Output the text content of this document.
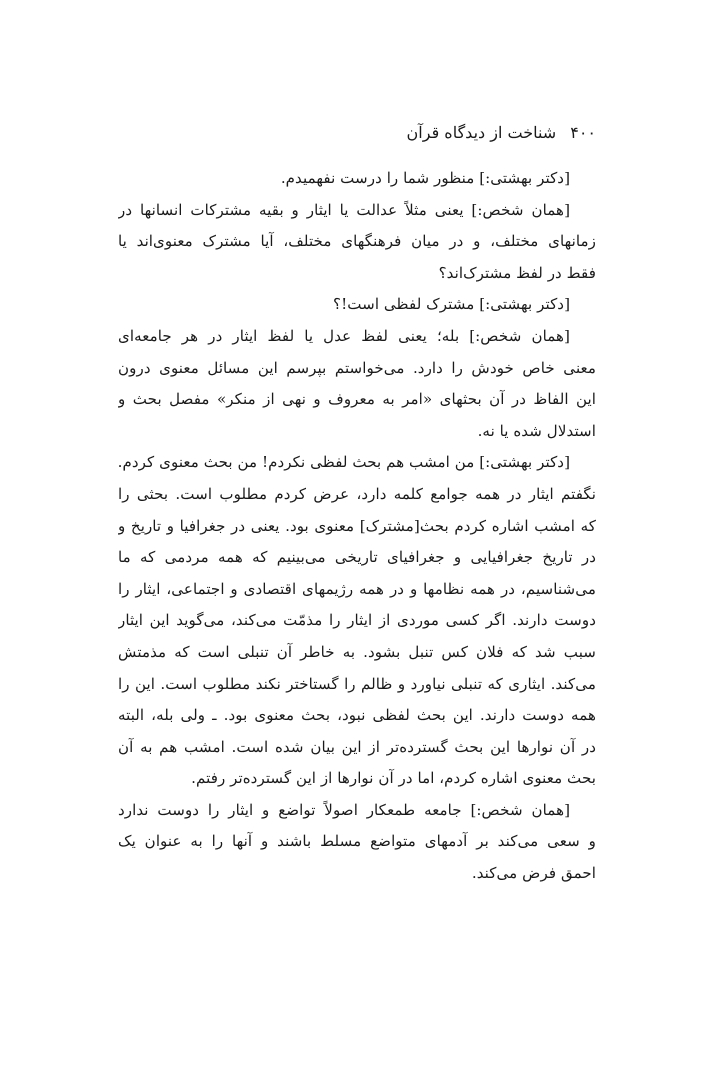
۴۰۰شناخت از دیدگاه قرآن
[دکتر بهشتی:] منظور شما را درست نفهمیدم.
[همان شخص:] یعنی مثلاً عدالت یا ایثار و بقیه مشترکات انسانها در
زمانهای مختلف، و در میان فرهنگهای مختلف، آیا مشترک معنوی‌اند یا
فقط در لفظ مشترک‌اند؟
[دکتر بهشتی:] مشترک لفظی است!؟
[همان شخص:] بله؛ یعنی لفظ عدل یا لفظ ایثار در هر جامعه‌ای
معنی خاص خودش را دارد. می‌خواستم بپرسم این مسائل معنوی درون
این الفاظ در آن بحثهای «امر به معروف و نهی از منکر» مفصل بحث و
استدلال شده یا نه.
[دکتر بهشتی:] من امشب هم بحث لفظی نکردم! من بحث معنوی کردم.
نگفتم ایثار در همه جوامع کلمه دارد، عرض کردم مطلوب است. بحثی را
که امشب اشاره کردم بحث[مشترک] معنوی بود. یعنی در جغرافیا و تاریخ و
در تاریخ جغرافیایی و جغرافیای تاریخی می‌بینیم که همه مردمی که ما
می‌شناسیم، در همه نظامها و در همه رژیمهای اقتصادی و اجتماعی، ایثار را
دوست دارند. اگر کسی موردی از ایثار را مذمّت می‌کند، می‌گوید این ایثار
سبب شد که فلان کس تنبل بشود. به خاطر آن تنبلی است که مذمتش
می‌کند. ایثاری که تنبلی نیاورد و ظالم را گستاختر نکند مطلوب است. این را
همه دوست دارند. این بحث لفظی نبود، بحث معنوی بود. ـ ولی بله، البته
در آن نوارها این بحث گسترده‌تر از این بیان شده است. امشب هم به آن
بحث معنوی اشاره کردم، اما در آن نوارها از این گسترده‌تر رفتم.
[همان شخص:] جامعه طمعکار اصولاً تواضع و ایثار را دوست ندارد
و سعی می‌کند بر آدمهای متواضع مسلط باشند و آنها را به عنوان یک
احمق فرض می‌کند.
